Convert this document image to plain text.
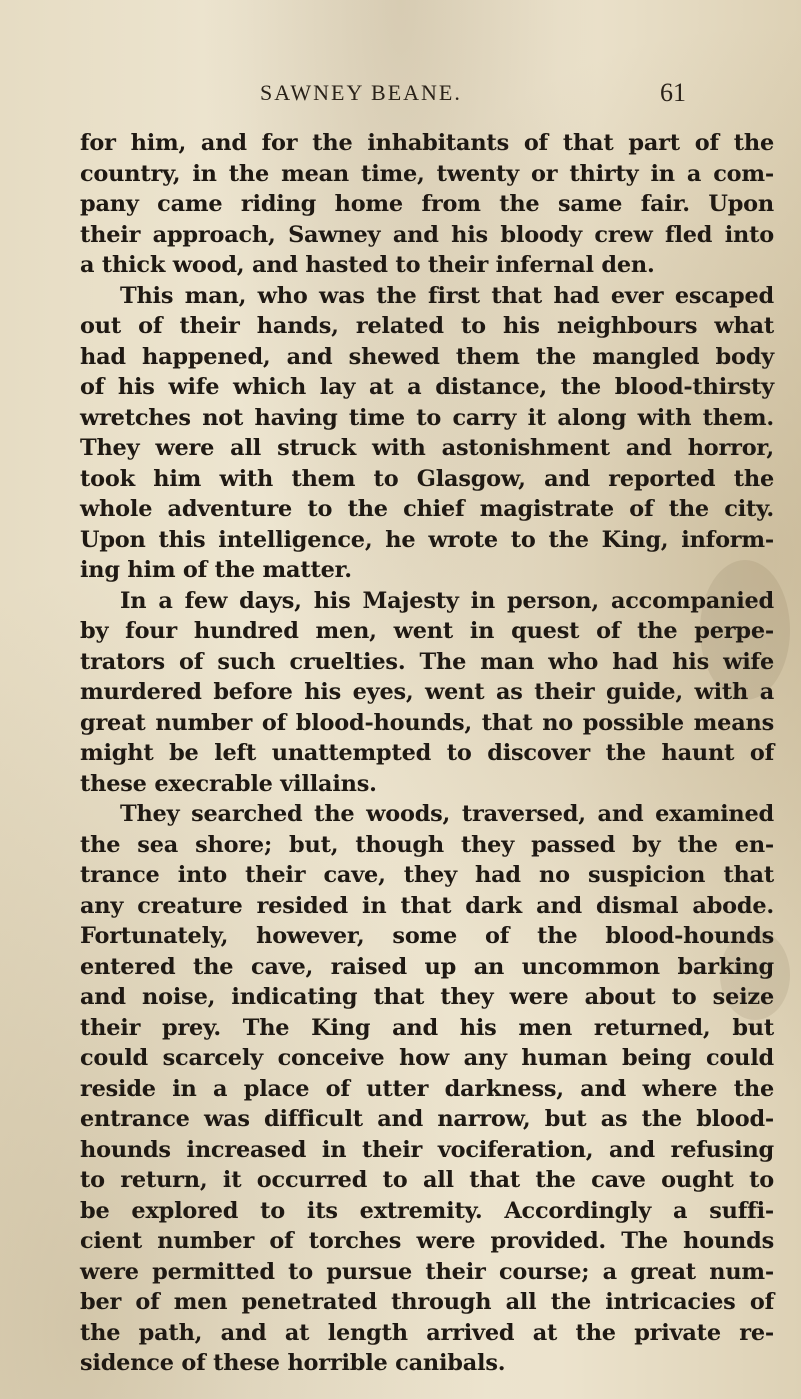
SAWNEY BEANE.	61
for him, and for the inhabitants of that part of the
country, in the mean time, twenty or thirty in a com-
pany came riding home from the same fair. Upon
their approach, Sawney and his bloody crew fled into
a thick wood, and hasted to their infernal den.
This man, who was the first that had ever escaped
out of their hands, related to his neighbours what
had happened, and shewed them the mangled body
of his wife which lay at a distance, the blood-thirsty
wretches not having time to carry it along with them.
They were all struck with astonishment and horror,
took him with them to Glasgow, and reported the
whole adventure to the chief magistrate of the city.
Upon this intelligence, he wrote to the King, inform-
ing him of the matter.
In a few days, his Majesty in person, accompanied
by four hundred men, went in quest of the perpe-
trators of such cruelties. The man who had his wife
murdered before his eyes, went as their guide, with a
great number of blood-hounds, that no possible means
might be left unattempted to discover the haunt of
these execrable villains.
They searched the woods, traversed, and examined
the sea shore; but, though they passed by the en-
trance into their cave, they had no suspicion that
any creature resided in that dark and dismal abode.
Fortunately, however, some of the blood-hounds
entered the cave, raised up an uncommon barking
and noise, indicating that they were about to seize
their prey. The King and his men returned, but
could scarcely conceive how any human being could
reside in a place of utter darkness, and where the
entrance was difficult and narrow, but as the blood-
hounds increased in their vociferation, and refusing
to return, it occurred to all that the cave ought to
be explored to its extremity. Accordingly a suffi-
cient number of torches were provided. The hounds
were permitted to pursue their course; a great num-
ber of men penetrated through all the intricacies of
the path, and at length arrived at the private re-
sidence of these horrible canibals.
